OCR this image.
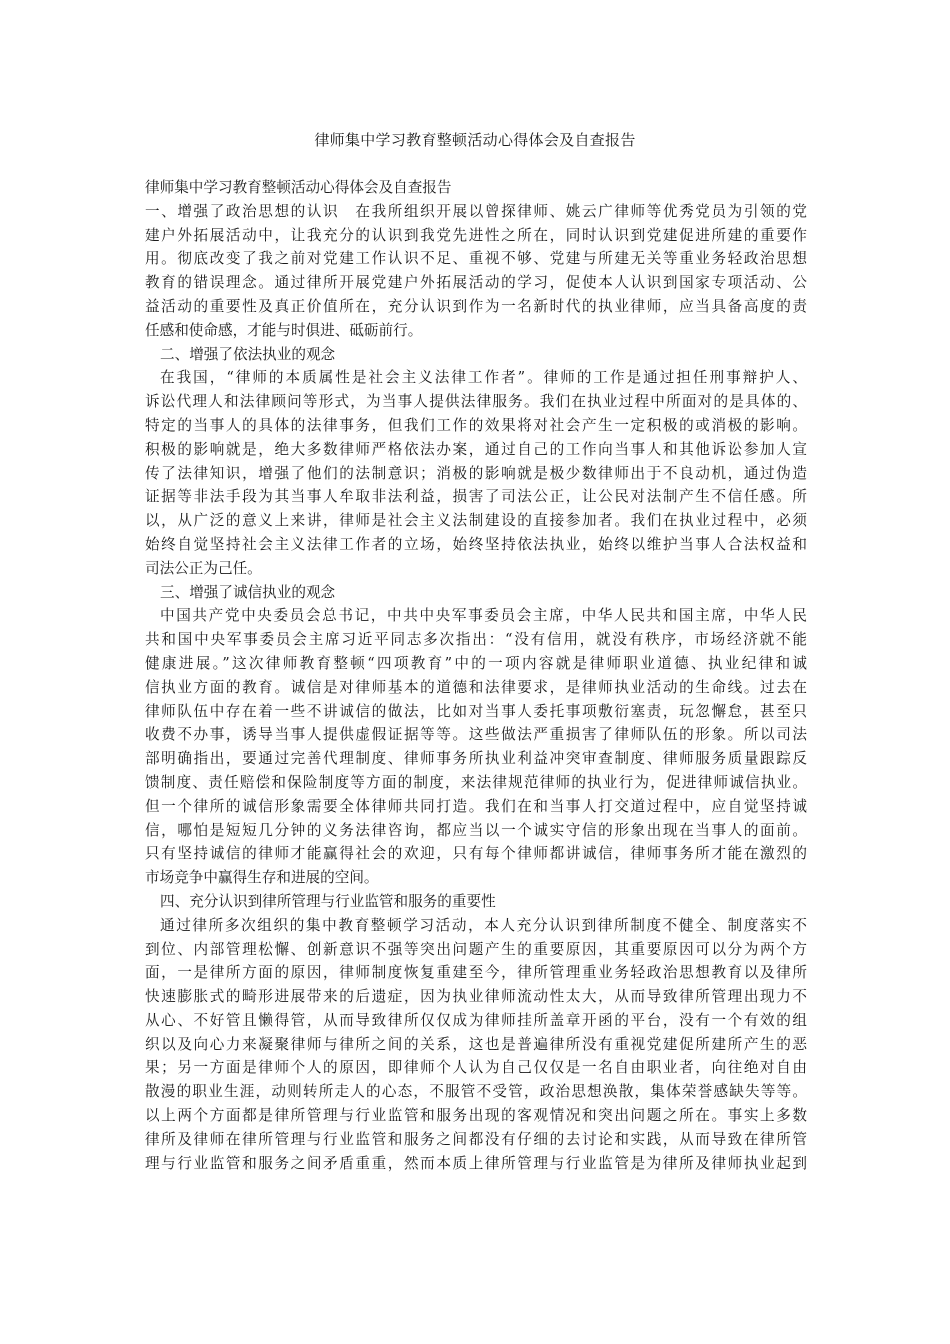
律师集中学习教育整顿活动心得体会及自查报告
律师集中学习教育整顿活动心得体会及自查报告
一、增强了政治思想的认识　在我所组织开展以曾探律师、姚云广律师等优秀党员为引领的党
建户外拓展活动中，让我充分的认识到我党先进性之所在，同时认识到党建促进所建的重要作
用。彻底改变了我之前对党建工作认识不足、重视不够、党建与所建无关等重业务轻政治思想
教育的错误理念。通过律所开展党建户外拓展活动的学习，促使本人认识到国家专项活动、公
益活动的重要性及真正价值所在，充分认识到作为一名新时代的执业律师，应当具备高度的责
任感和使命感，才能与时俱进、砥砺前行。
二、增强了依法执业的观念
在我国，“律师的本质属性是社会主义法律工作者”。律师的工作是通过担任刑事辩护人、
诉讼代理人和法律顾问等形式，为当事人提供法律服务。我们在执业过程中所面对的是具体的、
特定的当事人的具体的法律事务，但我们工作的效果将对社会产生一定积极的或消极的影响。
积极的影响就是，绝大多数律师严格依法办案，通过自己的工作向当事人和其他诉讼参加人宣
传了法律知识，增强了他们的法制意识；消极的影响就是极少数律师出于不良动机，通过伪造
证据等非法手段为其当事人牟取非法利益，损害了司法公正，让公民对法制产生不信任感。所
以，从广泛的意义上来讲，律师是社会主义法制建设的直接参加者。我们在执业过程中，必须
始终自觉坚持社会主义法律工作者的立场，始终坚持依法执业，始终以维护当事人合法权益和
司法公正为己任。
三、增强了诚信执业的观念
中国共产党中央委员会总书记，中共中央军事委员会主席，中华人民共和国主席，中华人民
共和国中央军事委员会主席习近平同志多次指出：“没有信用，就没有秩序，市场经济就不能
健康进展。”这次律师教育整顿“四项教育”中的一项内容就是律师职业道德、执业纪律和诚
信执业方面的教育。诚信是对律师基本的道德和法律要求，是律师执业活动的生命线。过去在
律师队伍中存在着一些不讲诚信的做法，比如对当事人委托事项敷衍塞责，玩忽懈怠，甚至只
收费不办事，诱导当事人提供虚假证据等等。这些做法严重损害了律师队伍的形象。所以司法
部明确指出，要通过完善代理制度、律师事务所执业利益冲突审查制度、律师服务质量跟踪反
馈制度、责任赔偿和保险制度等方面的制度，来法律规范律师的执业行为，促进律师诚信执业。
但一个律所的诚信形象需要全体律师共同打造。我们在和当事人打交道过程中，应自觉坚持诚
信，哪怕是短短几分钟的义务法律咨询，都应当以一个诚实守信的形象出现在当事人的面前。
只有坚持诚信的律师才能赢得社会的欢迎，只有每个律师都讲诚信，律师事务所才能在激烈的
市场竞争中赢得生存和进展的空间。
四、充分认识到律所管理与行业监管和服务的重要性
通过律所多次组织的集中教育整顿学习活动，本人充分认识到律所制度不健全、制度落实不
到位、内部管理松懈、创新意识不强等突出问题产生的重要原因，其重要原因可以分为两个方
面，一是律所方面的原因，律师制度恢复重建至今，律所管理重业务轻政治思想教育以及律所
快速膨胀式的畸形进展带来的后遗症，因为执业律师流动性太大，从而导致律所管理出现力不
从心、不好管且懒得管，从而导致律所仅仅成为律师挂所盖章开函的平台，没有一个有效的组
织以及向心力来凝聚律师与律所之间的关系，这也是普遍律所没有重视党建促所建所产生的恶
果；另一方面是律师个人的原因，即律师个人认为自己仅仅是一名自由职业者，向往绝对自由
散漫的职业生涯，动则转所走人的心态，不服管不受管，政治思想涣散，集体荣誉感缺失等等。
以上两个方面都是律所管理与行业监管和服务出现的客观情况和突出问题之所在。事实上多数
律所及律师在律所管理与行业监管和服务之间都没有仔细的去讨论和实践，从而导致在律所管
理与行业监管和服务之间矛盾重重，然而本质上律所管理与行业监管是为律所及律师执业起到
